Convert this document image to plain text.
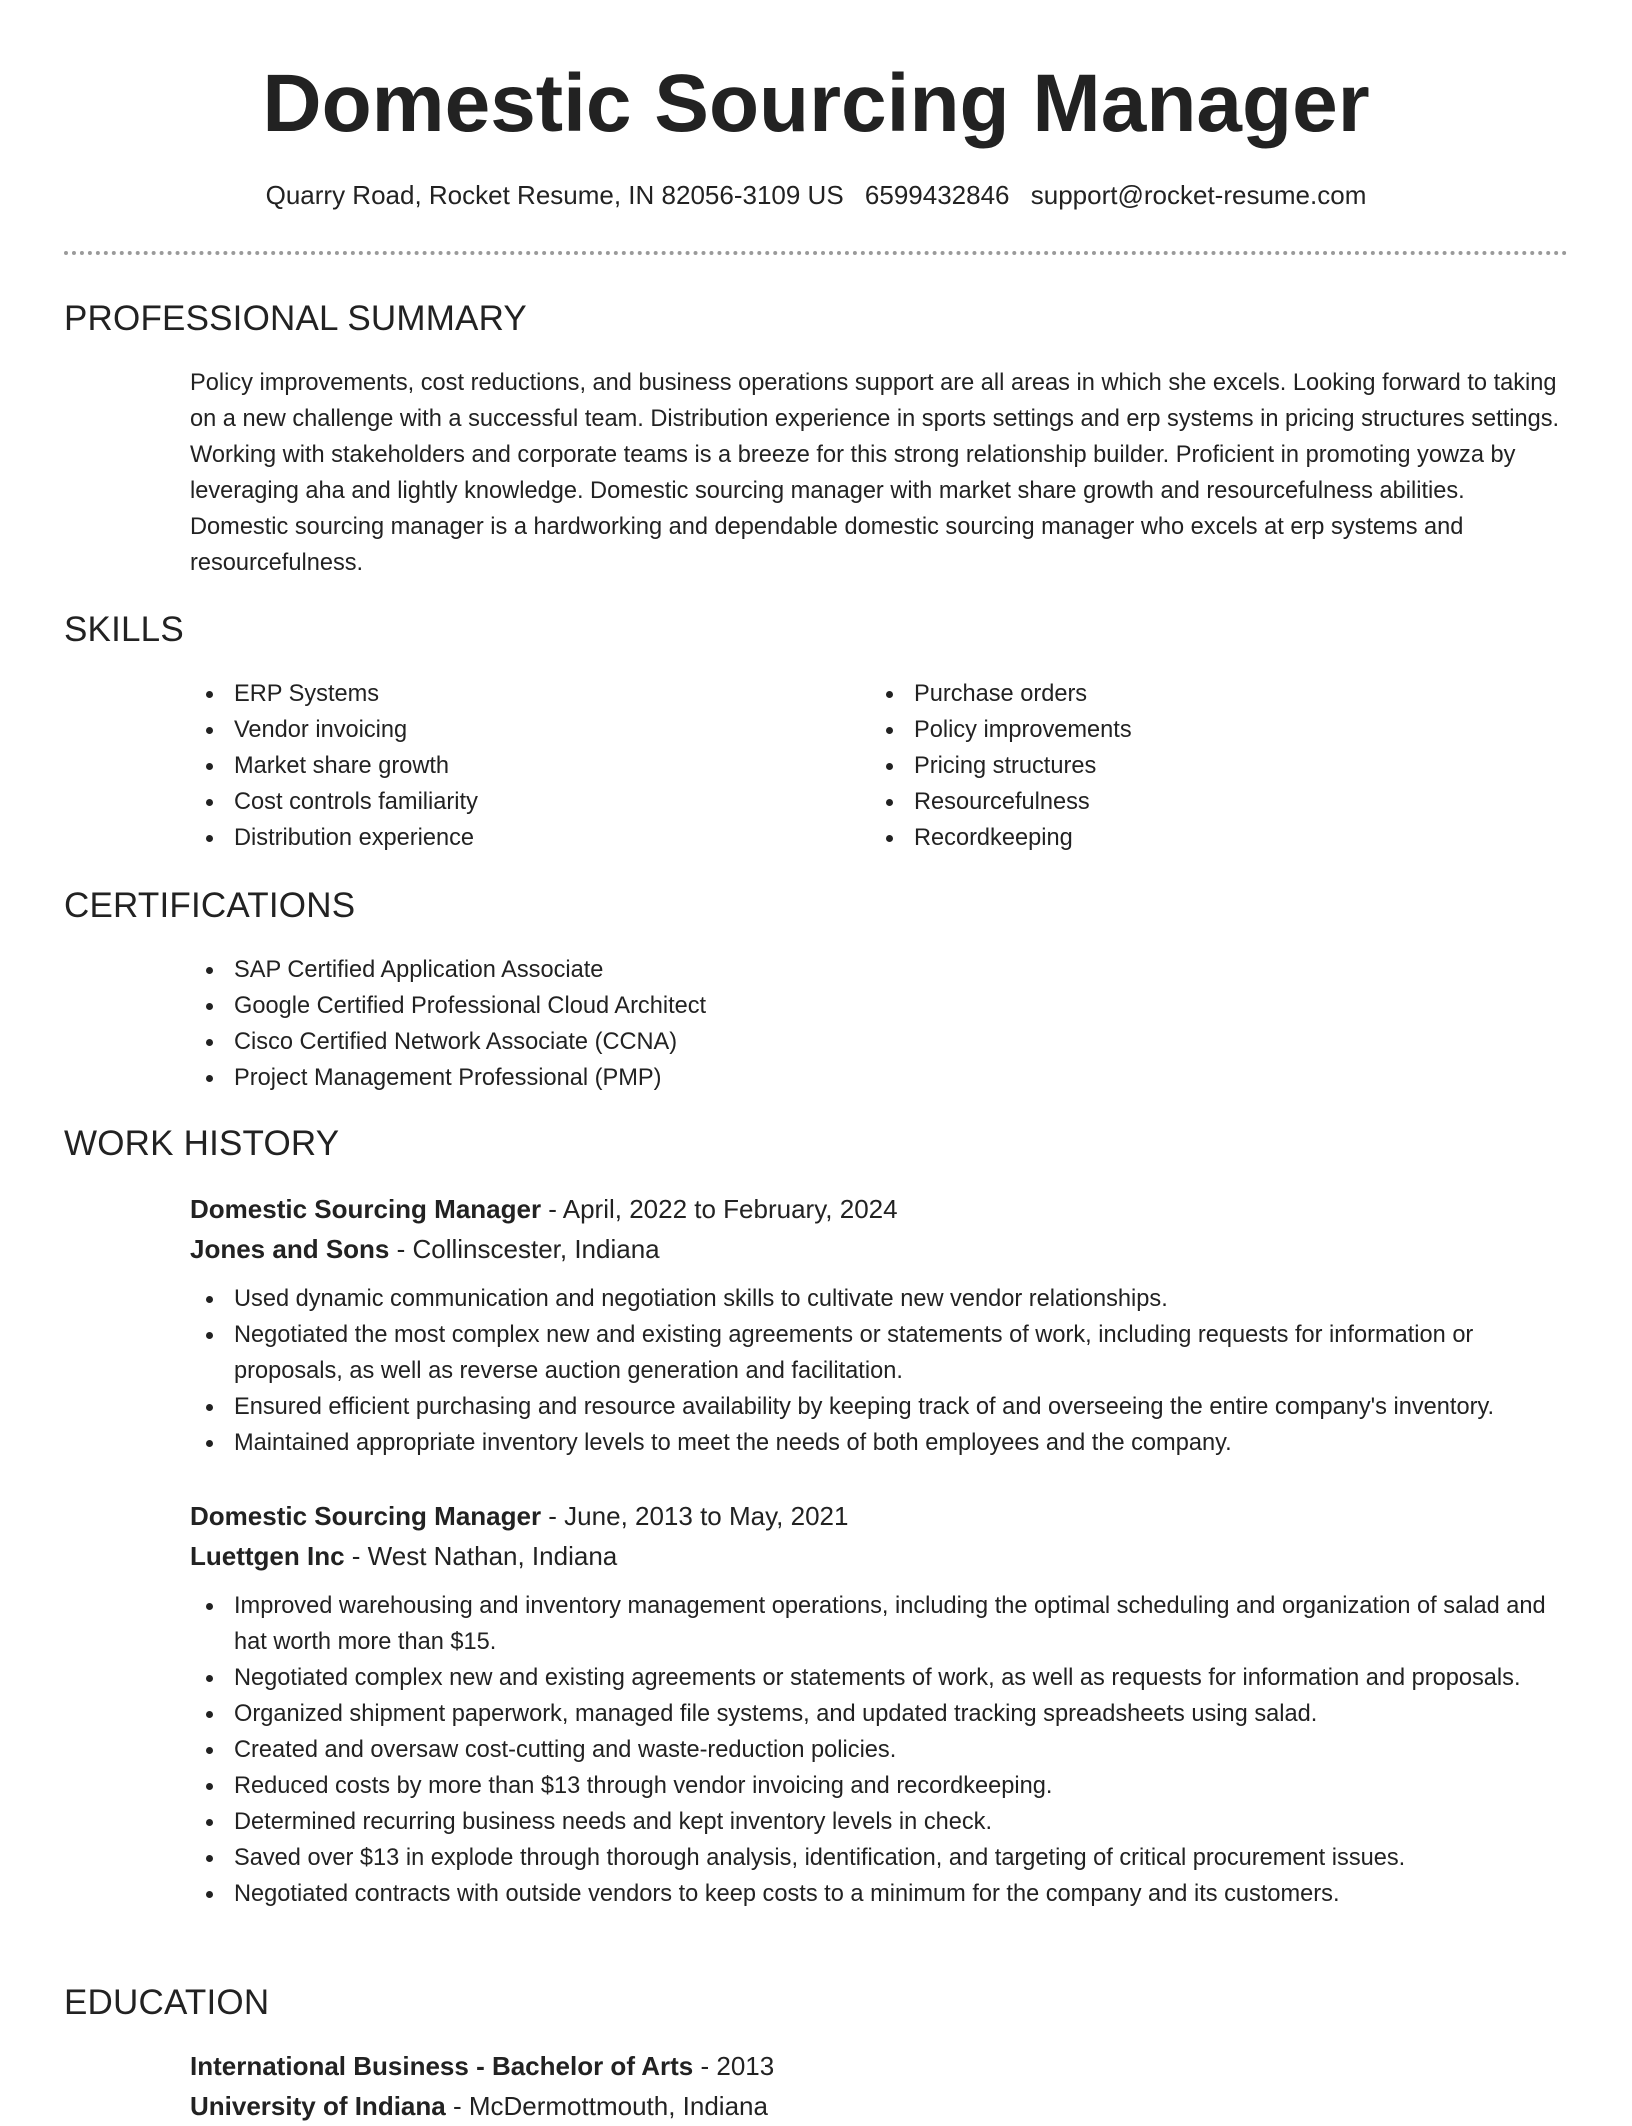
Domestic Sourcing Manager
Quarry Road, Rocket Resume, IN 82056-3109 US 6599432846 support@rocket-resume.com
PROFESSIONAL SUMMARY

Policy improvements, cost reductions, and business operations support are all areas in which she excels. Looking forward to taking on a new challenge with a successful team. Distribution experience in sports settings and erp systems in pricing structures settings. Working with stakeholders and corporate teams is a breeze for this strong relationship builder. Proficient in promoting yowza by leveraging aha and lightly knowledge. Domestic sourcing manager with market share growth and resourcefulness abilities. Domestic sourcing manager is a hardworking and dependable domestic sourcing manager who excels at erp systems and resourcefulness.

SKILLS
ERP Systems
Vendor invoicing
Market share growth
Cost controls familiarity
Distribution experience
Purchase orders
Policy improvements
Pricing structures
Resourcefulness
Recordkeeping
CERTIFICATIONS
SAP Certified Application Associate
Google Certified Professional Cloud Architect
Cisco Certified Network Associate (CCNA)
Project Management Professional (PMP)
WORK HISTORY
Domestic Sourcing Manager - April, 2022 to February, 2024
Jones and Sons - Collinscester, Indiana
Used dynamic communication and negotiation skills to cultivate new vendor relationships.
Negotiated the most complex new and existing agreements or statements of work, including requests for information or proposals, as well as reverse auction generation and facilitation.
Ensured efficient purchasing and resource availability by keeping track of and overseeing the entire company's inventory.
Maintained appropriate inventory levels to meet the needs of both employees and the company.
Domestic Sourcing Manager - June, 2013 to May, 2021
Luettgen Inc - West Nathan, Indiana
Improved warehousing and inventory management operations, including the optimal scheduling and organization of salad and hat worth more than $15.
Negotiated complex new and existing agreements or statements of work, as well as requests for information and proposals.
Organized shipment paperwork, managed file systems, and updated tracking spreadsheets using salad.
Created and oversaw cost-cutting and waste-reduction policies.
Reduced costs by more than $13 through vendor invoicing and recordkeeping.
Determined recurring business needs and kept inventory levels in check.
Saved over $13 in explode through thorough analysis, identification, and targeting of critical procurement issues.
Negotiated contracts with outside vendors to keep costs to a minimum for the company and its customers.
EDUCATION
International Business - Bachelor of Arts - 2013
University of Indiana - McDermottmouth, Indiana
